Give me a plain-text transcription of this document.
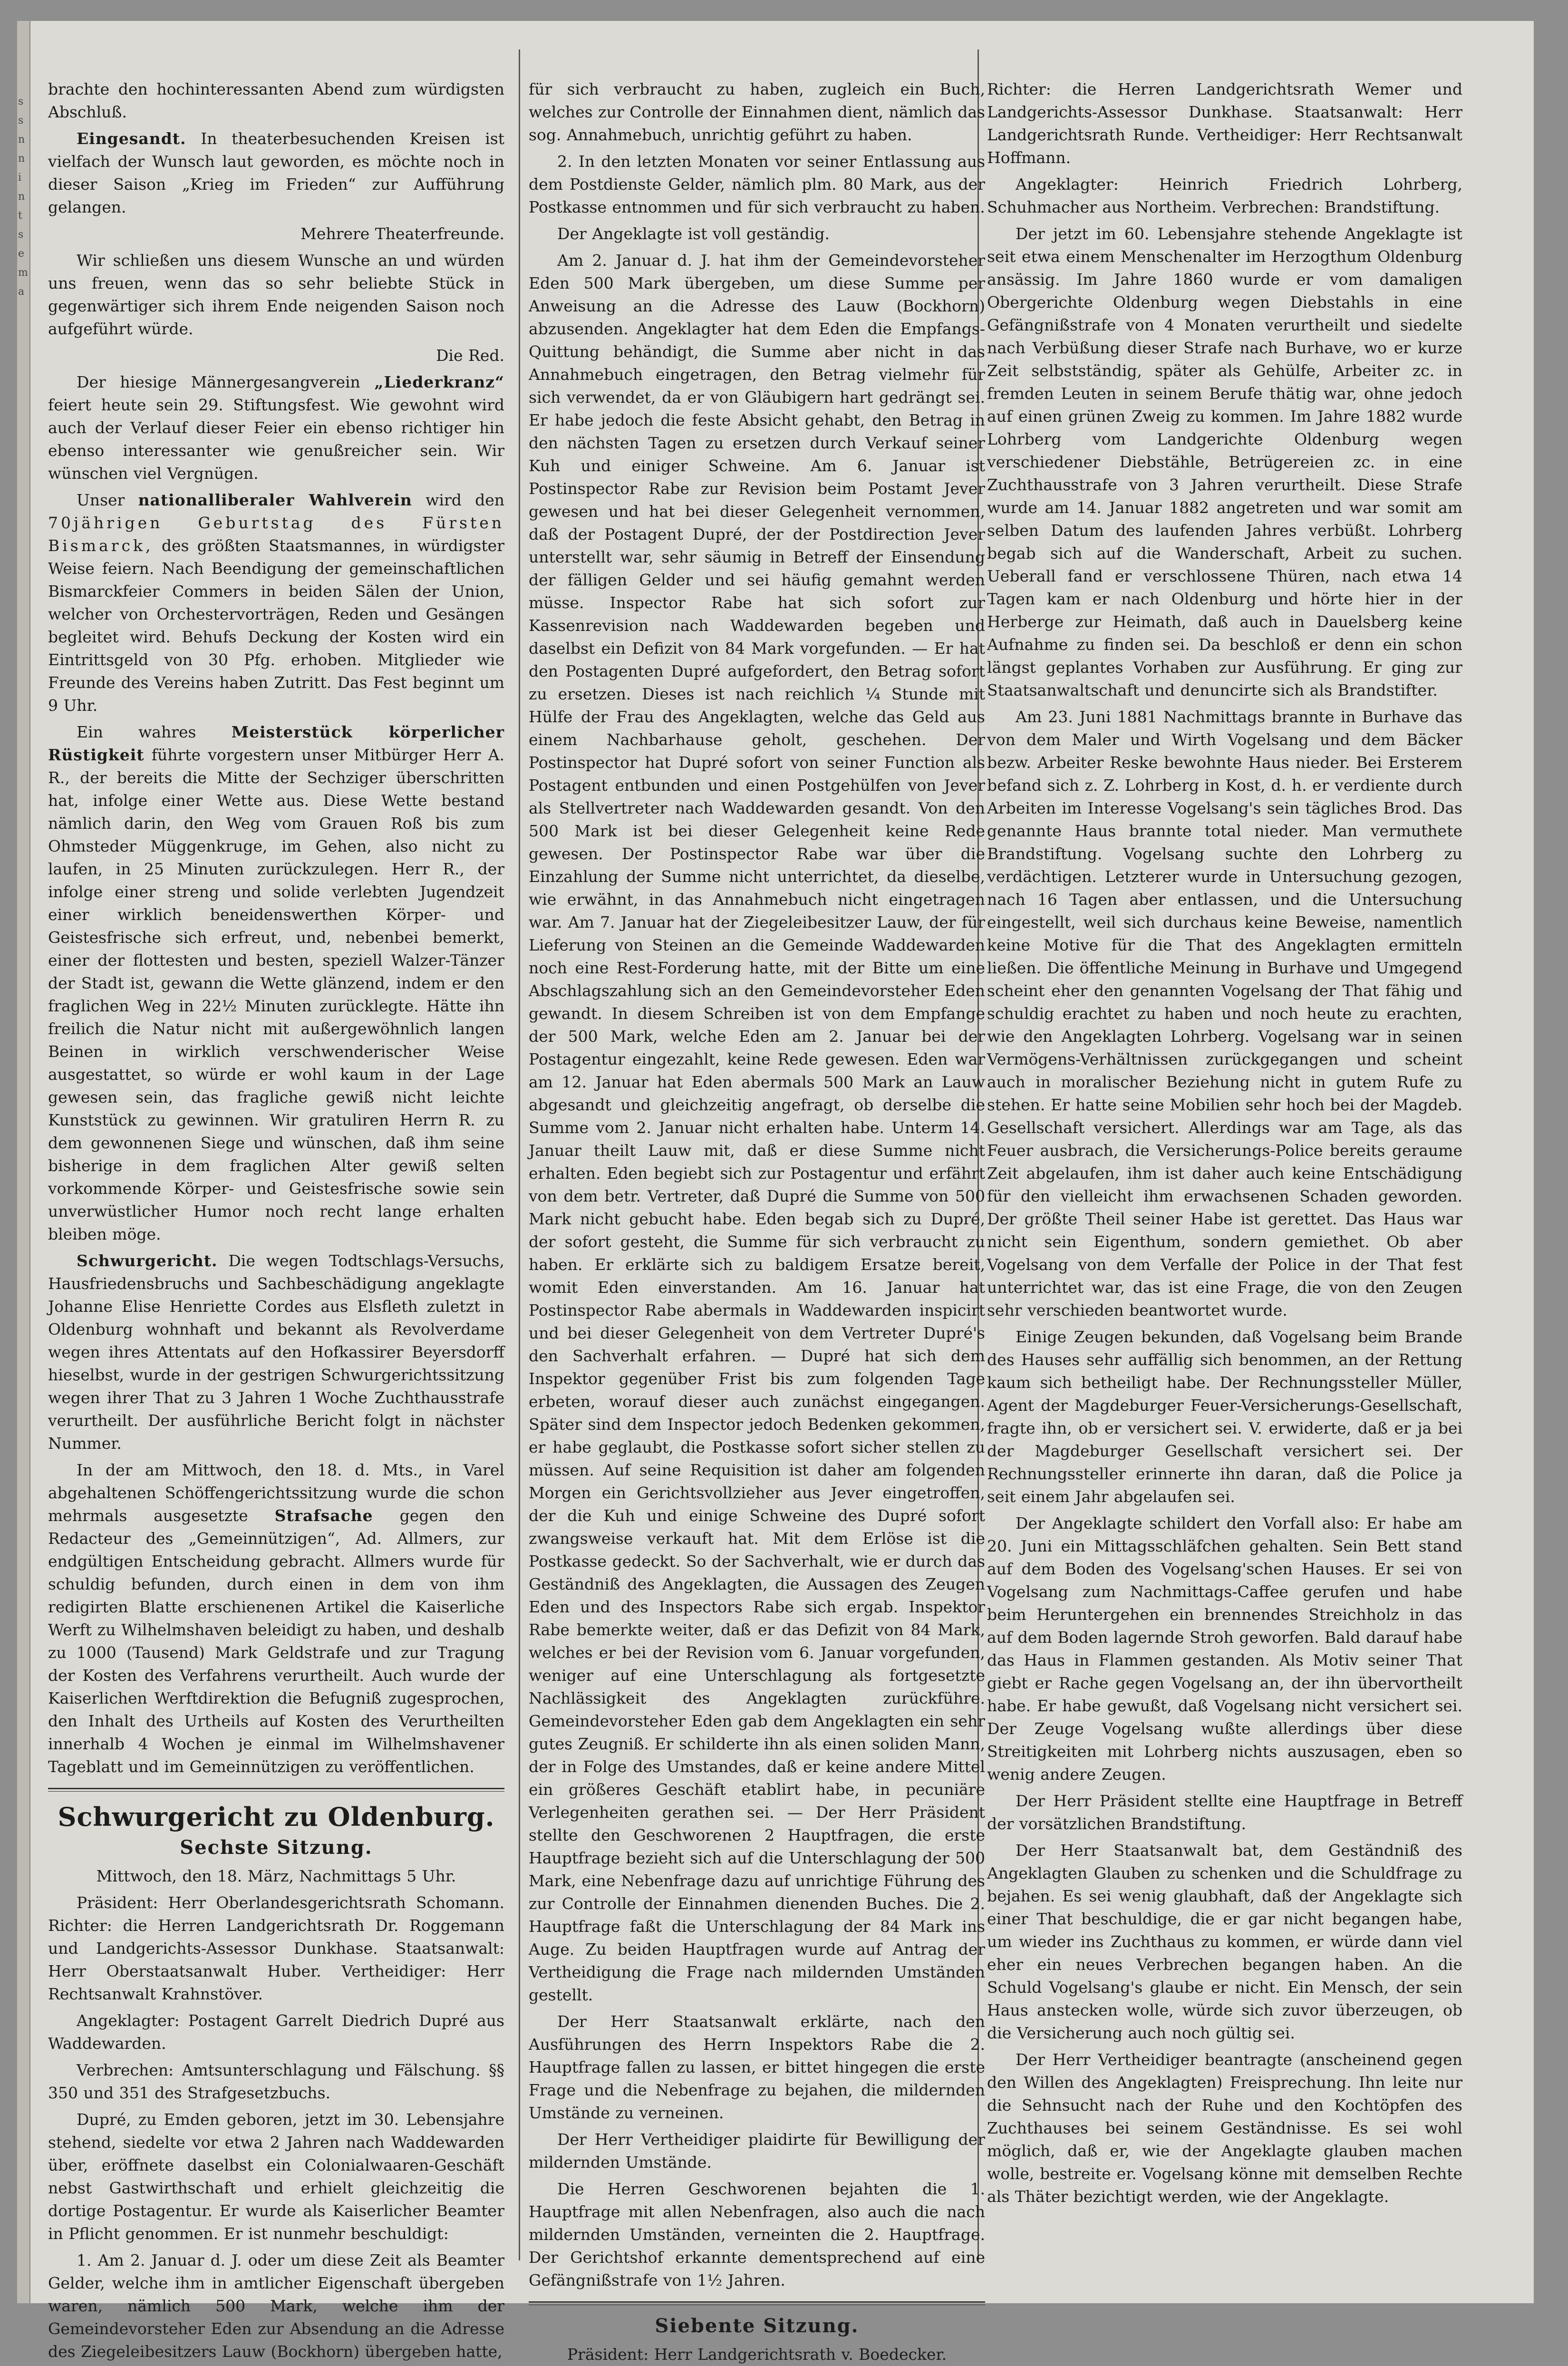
s
s
n
n
i
n
t
s
e
m
a

brachte den hochinteressanten Abend zum würdigsten Abschluß.

Eingesandt. In theaterbesuchenden Kreisen ist vielfach der Wunsch laut geworden, es möchte noch in dieser Saison „Krieg im Frieden“ zur Aufführung gelangen.

Mehrere Theaterfreunde.

Wir schließen uns diesem Wunsche an und würden uns freuen, wenn das so sehr beliebte Stück in gegenwärtiger sich ihrem Ende neigenden Saison noch aufgeführt würde.

Die Red.

Der hiesige Männergesangverein „Liederkranz“ feiert heute sein 29. Stiftungsfest. Wie gewohnt wird auch der Verlauf dieser Feier ein ebenso richtiger hin ebenso interessanter wie genußreicher sein. Wir wünschen viel Vergnügen.

Unser nationalliberaler Wahlverein wird den 70jährigen Geburtstag des Fürsten Bismarck, des größten Staatsmannes, in würdigster Weise feiern. Nach Beendigung der gemeinschaftlichen Bismarckfeier Commers in beiden Sälen der Union, welcher von Orchestervorträgen, Reden und Gesängen begleitet wird. Behufs Deckung der Kosten wird ein Eintrittsgeld von 30 Pfg. erhoben. Mitglieder wie Freunde des Vereins haben Zutritt. Das Fest beginnt um 9 Uhr.

Ein wahres Meisterstück körperlicher Rüstigkeit führte vorgestern unser Mitbürger Herr A. R., der bereits die Mitte der Sechziger überschritten hat, infolge einer Wette aus. Diese Wette bestand nämlich darin, den Weg vom Grauen Roß bis zum Ohmsteder Müggenkruge, im Gehen, also nicht zu laufen, in 25 Minuten zurückzulegen. Herr R., der infolge einer streng und solide verlebten Jugendzeit einer wirklich beneidenswerthen Körper- und Geistesfrische sich erfreut, und, nebenbei bemerkt, einer der flottesten und besten, speziell Walzer-Tänzer der Stadt ist, gewann die Wette glänzend, indem er den fraglichen Weg in 22½ Minuten zurücklegte. Hätte ihn freilich die Natur nicht mit außergewöhnlich langen Beinen in wirklich verschwenderischer Weise ausgestattet, so würde er wohl kaum in der Lage gewesen sein, das fragliche gewiß nicht leichte Kunststück zu gewinnen. Wir gratuliren Herrn R. zu dem gewonnenen Siege und wünschen, daß ihm seine bisherige in dem fraglichen Alter gewiß selten vorkommende Körper- und Geistesfrische sowie sein unverwüstlicher Humor noch recht lange erhalten bleiben möge.

Schwurgericht. Die wegen Todtschlags-Versuchs, Hausfriedensbruchs und Sachbeschädigung angeklagte Johanne Elise Henriette Cordes aus Elsfleth zuletzt in Oldenburg wohnhaft und bekannt als Revolverdame wegen ihres Attentats auf den Hofkassirer Beyersdorff hieselbst, wurde in der gestrigen Schwurgerichtssitzung wegen ihrer That zu 3 Jahren 1 Woche Zuchthausstrafe verurtheilt. Der ausführliche Bericht folgt in nächster Nummer.

In der am Mittwoch, den 18. d. Mts., in Varel abgehaltenen Schöffengerichtssitzung wurde die schon mehrmals ausgesetzte Strafsache gegen den Redacteur des „Gemeinnützigen“, Ad. Allmers, zur endgültigen Entscheidung gebracht. Allmers wurde für schuldig befunden, durch einen in dem von ihm redigirten Blatte erschienenen Artikel die Kaiserliche Werft zu Wilhelmshaven beleidigt zu haben, und deshalb zu 1000 (Tausend) Mark Geldstrafe und zur Tragung der Kosten des Verfahrens verurtheilt. Auch wurde der Kaiserlichen Werftdirektion die Befugniß zugesprochen, den Inhalt des Urtheils auf Kosten des Verurtheilten innerhalb 4 Wochen je einmal im Wilhelmshavener Tageblatt und im Gemeinnützigen zu veröffentlichen.

Schwurgericht zu Oldenburg.
Sechste Sitzung.

Mittwoch, den 18. März, Nachmittags 5 Uhr.

Präsident: Herr Oberlandesgerichtsrath Schomann. Richter: die Herren Landgerichtsrath Dr. Roggemann und Landgerichts-Assessor Dunkhase. Staatsanwalt: Herr Oberstaatsanwalt Huber. Vertheidiger: Herr Rechtsanwalt Krahnstöver.

Angeklagter: Postagent Garrelt Diedrich Dupré aus Waddewarden.

Verbrechen: Amtsunterschlagung und Fälschung. §§ 350 und 351 des Strafgesetzbuchs.

Dupré, zu Emden geboren, jetzt im 30. Lebensjahre stehend, siedelte vor etwa 2 Jahren nach Waddewarden über, eröffnete daselbst ein Colonialwaaren-Geschäft nebst Gastwirthschaft und erhielt gleichzeitig die dortige Postagentur. Er wurde als Kaiserlicher Beamter in Pflicht genommen. Er ist nunmehr beschuldigt:

1. Am 2. Januar d. J. oder um diese Zeit als Beamter Gelder, welche ihm in amtlicher Eigenschaft übergeben waren, nämlich 500 Mark, welche ihm der Gemeindevorsteher Eden zur Absendung an die Adresse des Ziegeleibesitzers Lauw (Bockhorn) übergeben hatte,

für sich verbraucht zu haben, zugleich ein Buch, welches zur Controlle der Einnahmen dient, nämlich das sog. Annahmebuch, unrichtig geführt zu haben.

2. In den letzten Monaten vor seiner Entlassung aus dem Postdienste Gelder, nämlich plm. 80 Mark, aus der Postkasse entnommen und für sich verbraucht zu haben.

Der Angeklagte ist voll geständig.

Am 2. Januar d. J. hat ihm der Gemeindevorsteher Eden 500 Mark übergeben, um diese Summe per Anweisung an die Adresse des Lauw (Bockhorn) abzusenden. Angeklagter hat dem Eden die Empfangs-Quittung behändigt, die Summe aber nicht in das Annahmebuch eingetragen, den Betrag vielmehr für sich verwendet, da er von Gläubigern hart gedrängt sei. Er habe jedoch die feste Absicht gehabt, den Betrag in den nächsten Tagen zu ersetzen durch Verkauf seiner Kuh und einiger Schweine. Am 6. Januar ist Postinspector Rabe zur Revision beim Postamt Jever gewesen und hat bei dieser Gelegenheit vernommen, daß der Postagent Dupré, der der Postdirection Jever unterstellt war, sehr säumig in Betreff der Einsendung der fälligen Gelder und sei häufig gemahnt werden müsse. Inspector Rabe hat sich sofort zur Kassenrevision nach Waddewarden begeben und daselbst ein Defizit von 84 Mark vorgefunden. — Er hat den Postagenten Dupré aufgefordert, den Betrag sofort zu ersetzen. Dieses ist nach reichlich ¼ Stunde mit Hülfe der Frau des Angeklagten, welche das Geld aus einem Nachbarhause geholt, geschehen. Der Postinspector hat Dupré sofort von seiner Function als Postagent entbunden und einen Postgehülfen von Jever als Stellvertreter nach Waddewarden gesandt. Von den 500 Mark ist bei dieser Gelegenheit keine Rede gewesen. Der Postinspector Rabe war über die Einzahlung der Summe nicht unterrichtet, da dieselbe, wie erwähnt, in das Annahmebuch nicht eingetragen war. Am 7. Januar hat der Ziegeleibesitzer Lauw, der für Lieferung von Steinen an die Gemeinde Waddewarden noch eine Rest-Forderung hatte, mit der Bitte um eine Abschlagszahlung sich an den Gemeindevorsteher Eden gewandt. In diesem Schreiben ist von dem Empfange der 500 Mark, welche Eden am 2. Januar bei der Postagentur eingezahlt, keine Rede gewesen. Eden war am 12. Januar hat Eden abermals 500 Mark an Lauw abgesandt und gleichzeitig angefragt, ob derselbe die Summe vom 2. Januar nicht erhalten habe. Unterm 14. Januar theilt Lauw mit, daß er diese Summe nicht erhalten. Eden begiebt sich zur Postagentur und erfährt von dem betr. Vertreter, daß Dupré die Summe von 500 Mark nicht gebucht habe. Eden begab sich zu Dupré, der sofort gesteht, die Summe für sich verbraucht zu haben. Er erklärte sich zu baldigem Ersatze bereit, womit Eden einverstanden. Am 16. Januar hat Postinspector Rabe abermals in Waddewarden inspicirt und bei dieser Gelegenheit von dem Vertreter Dupré's den Sachverhalt erfahren. — Dupré hat sich dem Inspektor gegenüber Frist bis zum folgenden Tage erbeten, worauf dieser auch zunächst eingegangen. Später sind dem Inspector jedoch Bedenken gekommen, er habe geglaubt, die Postkasse sofort sicher stellen zu müssen. Auf seine Requisition ist daher am folgenden Morgen ein Gerichtsvollzieher aus Jever eingetroffen, der die Kuh und einige Schweine des Dupré sofort zwangsweise verkauft hat. Mit dem Erlöse ist die Postkasse gedeckt. So der Sachverhalt, wie er durch das Geständniß des Angeklagten, die Aussagen des Zeugen Eden und des Inspectors Rabe sich ergab. Inspektor Rabe bemerkte weiter, daß er das Defizit von 84 Mark, welches er bei der Revision vom 6. Januar vorgefunden, weniger auf eine Unterschlagung als fortgesetzte Nachlässigkeit des Angeklagten zurückführe. Gemeindevorsteher Eden gab dem Angeklagten ein sehr gutes Zeugniß. Er schilderte ihn als einen soliden Mann, der in Folge des Umstandes, daß er keine andere Mittel ein größeres Geschäft etablirt habe, in pecuniäre Verlegenheiten gerathen sei. — Der Herr Präsident stellte den Geschworenen 2 Hauptfragen, die erste Hauptfrage bezieht sich auf die Unterschlagung der 500 Mark, eine Nebenfrage dazu auf unrichtige Führung des zur Controlle der Einnahmen dienenden Buches. Die 2. Hauptfrage faßt die Unterschlagung der 84 Mark ins Auge. Zu beiden Hauptfragen wurde auf Antrag der Vertheidigung die Frage nach mildernden Umständen gestellt.

Der Herr Staatsanwalt erklärte, nach den Ausführungen des Herrn Inspektors Rabe die 2. Hauptfrage fallen zu lassen, er bittet hingegen die erste Frage und die Nebenfrage zu bejahen, die mildernden Umstände zu verneinen.

Der Herr Vertheidiger plaidirte für Bewilligung der mildernden Umstände.

Die Herren Geschworenen bejahten die 1. Hauptfrage mit allen Nebenfragen, also auch die nach mildernden Umständen, verneinten die 2. Hauptfrage. Der Gerichtshof erkannte dementsprechend auf eine Gefängnißstrafe von 1½ Jahren.

Siebente Sitzung.

Präsident: Herr Landgerichtsrath v. Boedecker.

Richter: die Herren Landgerichtsrath Wemer und Landgerichts-Assessor Dunkhase. Staatsanwalt: Herr Landgerichtsrath Runde. Vertheidiger: Herr Rechtsanwalt Hoffmann.

Angeklagter: Heinrich Friedrich Lohrberg, Schuhmacher aus Northeim. Verbrechen: Brandstiftung.

Der jetzt im 60. Lebensjahre stehende Angeklagte ist seit etwa einem Menschenalter im Herzogthum Oldenburg ansässig. Im Jahre 1860 wurde er vom damaligen Obergerichte Oldenburg wegen Diebstahls in eine Gefängnißstrafe von 4 Monaten verurtheilt und siedelte nach Verbüßung dieser Strafe nach Burhave, wo er kurze Zeit selbstständig, später als Gehülfe, Arbeiter zc. in fremden Leuten in seinem Berufe thätig war, ohne jedoch auf einen grünen Zweig zu kommen. Im Jahre 1882 wurde Lohrberg vom Landgerichte Oldenburg wegen verschiedener Diebstähle, Betrügereien zc. in eine Zuchthausstrafe von 3 Jahren verurtheilt. Diese Strafe wurde am 14. Januar 1882 angetreten und war somit am selben Datum des laufenden Jahres verbüßt. Lohrberg begab sich auf die Wanderschaft, Arbeit zu suchen. Ueberall fand er verschlossene Thüren, nach etwa 14 Tagen kam er nach Oldenburg und hörte hier in der Herberge zur Heimath, daß auch in Dauelsberg keine Aufnahme zu finden sei. Da beschloß er denn ein schon längst geplantes Vorhaben zur Ausführung. Er ging zur Staatsanwaltschaft und denuncirte sich als Brandstifter.

Am 23. Juni 1881 Nachmittags brannte in Burhave das von dem Maler und Wirth Vogelsang und dem Bäcker bezw. Arbeiter Reske bewohnte Haus nieder. Bei Ersterem befand sich z. Z. Lohrberg in Kost, d. h. er verdiente durch Arbeiten im Interesse Vogelsang's sein tägliches Brod. Das genannte Haus brannte total nieder. Man vermuthete Brandstiftung. Vogelsang suchte den Lohrberg zu verdächtigen. Letzterer wurde in Untersuchung gezogen, nach 16 Tagen aber entlassen, und die Untersuchung eingestellt, weil sich durchaus keine Beweise, namentlich keine Motive für die That des Angeklagten ermitteln ließen. Die öffentliche Meinung in Burhave und Umgegend scheint eher den genannten Vogelsang der That fähig und schuldig erachtet zu haben und noch heute zu erachten, wie den Angeklagten Lohrberg. Vogelsang war in seinen Vermögens-Verhältnissen zurückgegangen und scheint auch in moralischer Beziehung nicht in gutem Rufe zu stehen. Er hatte seine Mobilien sehr hoch bei der Magdeb. Gesellschaft versichert. Allerdings war am Tage, als das Feuer ausbrach, die Versicherungs-Police bereits geraume Zeit abgelaufen, ihm ist daher auch keine Entschädigung für den vielleicht ihm erwachsenen Schaden geworden. Der größte Theil seiner Habe ist gerettet. Das Haus war nicht sein Eigenthum, sondern gemiethet. Ob aber Vogelsang von dem Verfalle der Police in der That fest unterrichtet war, das ist eine Frage, die von den Zeugen sehr verschieden beantwortet wurde.

Einige Zeugen bekunden, daß Vogelsang beim Brande des Hauses sehr auffällig sich benommen, an der Rettung kaum sich betheiligt habe. Der Rechnungssteller Müller, Agent der Magdeburger Feuer-Versicherungs-Gesellschaft, fragte ihn, ob er versichert sei. V. erwiderte, daß er ja bei der Magdeburger Gesellschaft versichert sei. Der Rechnungssteller erinnerte ihn daran, daß die Police ja seit einem Jahr abgelaufen sei.

Der Angeklagte schildert den Vorfall also: Er habe am 20. Juni ein Mittagsschläfchen gehalten. Sein Bett stand auf dem Boden des Vogelsang'schen Hauses. Er sei von Vogelsang zum Nachmittags-Caffee gerufen und habe beim Heruntergehen ein brennendes Streichholz in das auf dem Boden lagernde Stroh geworfen. Bald darauf habe das Haus in Flammen gestanden. Als Motiv seiner That giebt er Rache gegen Vogelsang an, der ihn übervortheilt habe. Er habe gewußt, daß Vogelsang nicht versichert sei. Der Zeuge Vogelsang wußte allerdings über diese Streitigkeiten mit Lohrberg nichts auszusagen, eben so wenig andere Zeugen.

Der Herr Präsident stellte eine Hauptfrage in Betreff der vorsätzlichen Brandstiftung.

Der Herr Staatsanwalt bat, dem Geständniß des Angeklagten Glauben zu schenken und die Schuldfrage zu bejahen. Es sei wenig glaubhaft, daß der Angeklagte sich einer That beschuldige, die er gar nicht begangen habe, um wieder ins Zuchthaus zu kommen, er würde dann viel eher ein neues Verbrechen begangen haben. An die Schuld Vogelsang's glaube er nicht. Ein Mensch, der sein Haus anstecken wolle, würde sich zuvor überzeugen, ob die Versicherung auch noch gültig sei.

Der Herr Vertheidiger beantragte (anscheinend gegen den Willen des Angeklagten) Freisprechung. Ihn leite nur die Sehnsucht nach der Ruhe und den Kochtöpfen des Zuchthauses bei seinem Geständnisse. Es sei wohl möglich, daß er, wie der Angeklagte glauben machen wolle, bestreite er. Vogelsang könne mit demselben Rechte als Thäter bezichtigt werden, wie der Angeklagte.
